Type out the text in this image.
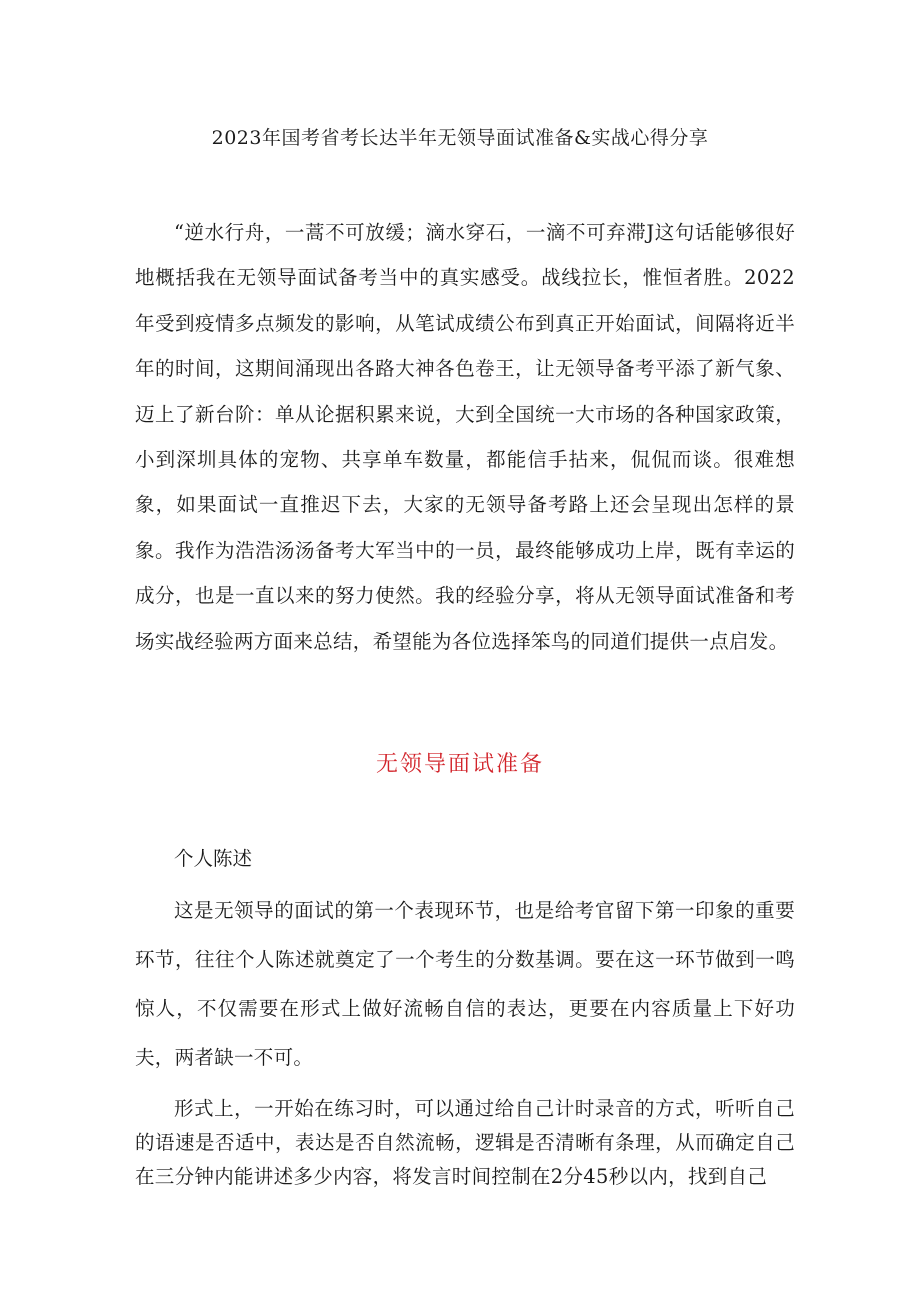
2023年国考省考长达半年无领导面试准备&实战心得分享

“逆水行舟，一蒿不可放缓；滴水穿石，一滴不可弃滞J这句话能够很好地概括我在无领导面试备考当中的真实感受。战线拉长，惟恒者胜。2022年受到疫情多点频发的影响，从笔试成绩公布到真正开始面试，间隔将近半年的时间，这期间涌现出各路大神各色卷王，让无领导备考平添了新气象、迈上了新台阶：单从论据积累来说，大到全国统一大市场的各种国家政策，小到深圳具体的宠物、共享单车数量，都能信手拈来，侃侃而谈。很难想象，如果面试一直推迟下去，大家的无领导备考路上还会呈现出怎样的景象。我作为浩浩汤汤备考大军当中的一员，最终能够成功上岸，既有幸运的成分，也是一直以来的努力使然。我的经验分享，将从无领导面试准备和考场实战经验两方面来总结，希望能为各位选择笨鸟的同道们提供一点启发。

无领导面试准备

个人陈述

这是无领导的面试的第一个表现环节，也是给考官留下第一印象的重要环节，往往个人陈述就奠定了一个考生的分数基调。要在这一环节做到一鸣惊人，不仅需要在形式上做好流畅自信的表达，更要在内容质量上下好功夫，两者缺一不可。

形式上，一开始在练习时，可以通过给自己计时录音的方式，听听自己的语速是否适中，表达是否自然流畅，逻辑是否清晰有条理，从而确定自己在三分钟内能讲述多少内容，将发言时间控制在2分45秒以内，找到自己
